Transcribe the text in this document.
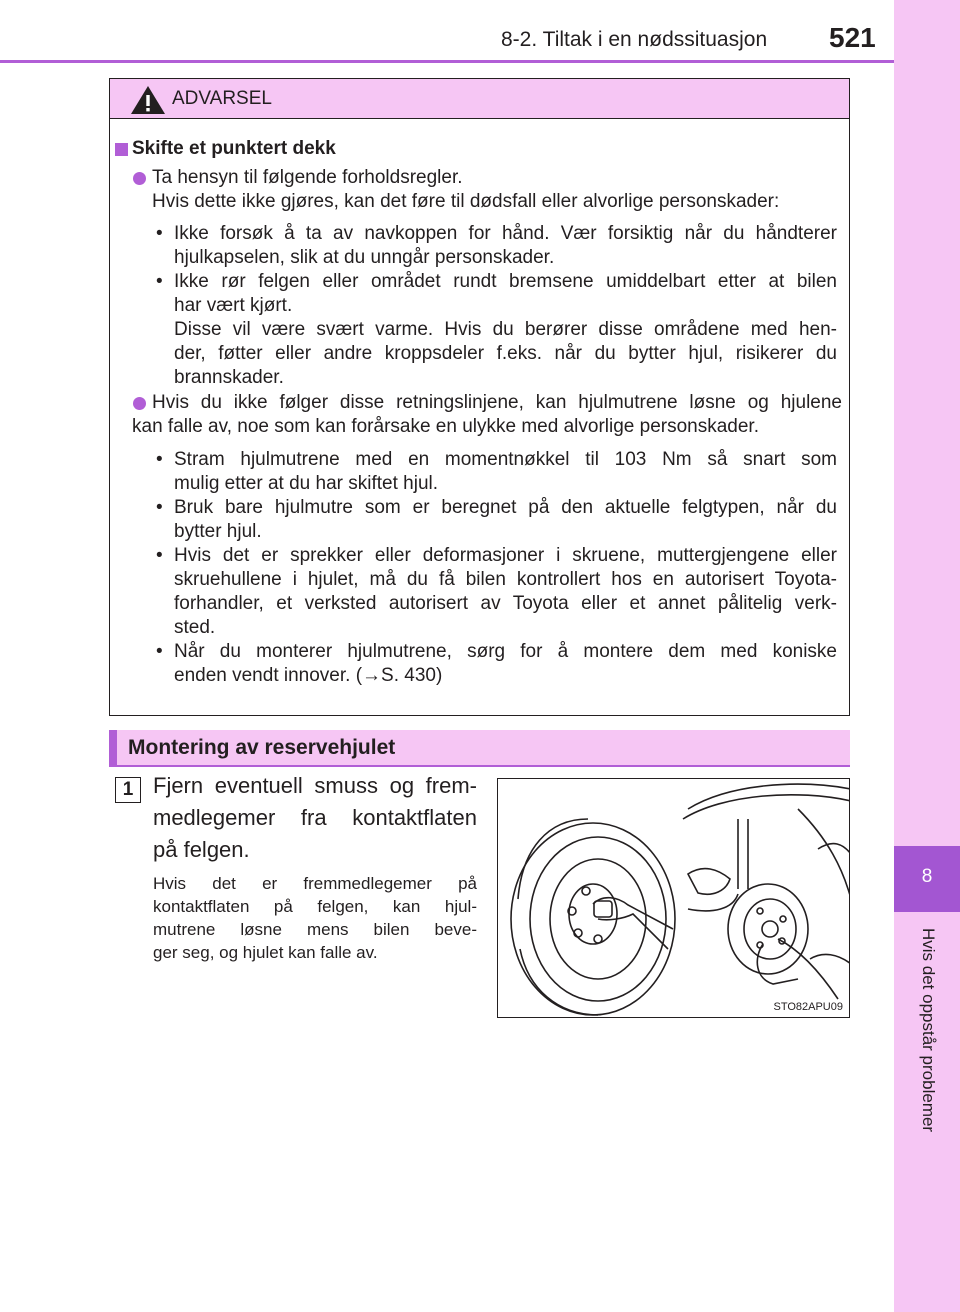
8-2. Tiltak i en nødssituasjon 521
8
Hvis det oppstår problemer
ADVARSEL
Skifte et punktert dekk
Ta hensyn til følgende forholdsregler.
Hvis dette ikke gjøres, kan det føre til dødsfall eller alvorlige personskader:
• Ikke forsøk å ta av navkoppen for hånd. Vær forsiktig når du håndterer
hjulkapselen, slik at du unngår personskader.
• Ikke rør felgen eller området rundt bremsene umiddelbart etter at bilen
har vært kjørt.
Disse vil være svært varme. Hvis du berører disse områdene med hen-
der, føtter eller andre kroppsdeler f.eks. når du bytter hjul, risikerer du
brannskader.
Hvis du ikke følger disse retningslinjene, kan hjulmutrene løsne og hjulene
kan falle av, noe som kan forårsake en ulykke med alvorlige personskader.
• Stram hjulmutrene med en momentnøkkel til 103 Nm så snart som
mulig etter at du har skiftet hjul.
• Bruk bare hjulmutre som er beregnet på den aktuelle felgtypen, når du
bytter hjul.
• Hvis det er sprekker eller deformasjoner i skruene, muttergjengene eller
skruehullene i hjulet, må du få bilen kontrollert hos en autorisert Toyota-
forhandler, et verksted autorisert av Toyota eller et annet pålitelig verk-
sted.
• Når du monterer hjulmutrene, sørg for å montere dem med koniske
enden vendt innover. (→S. 430)
Montering av reservehjulet
1 Fjern eventuell smuss og frem-
medlegemer fra kontaktflaten
på felgen.
Hvis det er fremmedlegemer på
kontaktflaten på felgen, kan hjul-
mutrene løsne mens bilen beve-
ger seg, og hjulet kan falle av.
STO82APU09
